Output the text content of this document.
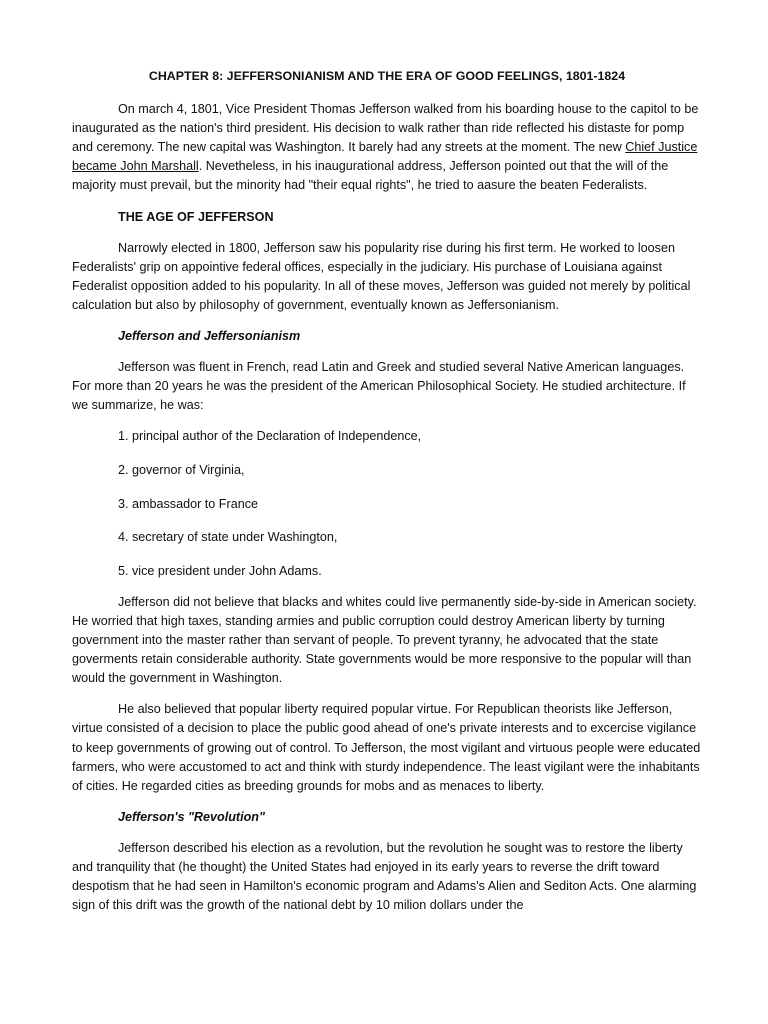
CHAPTER 8: JEFFERSONIANISM AND THE ERA OF GOOD FEELINGS, 1801-1824

On march 4, 1801, Vice President Thomas Jefferson walked from his boarding house to the capitol to be inaugurated as the nation's third president. His decision to walk rather than ride reflected his distaste for pomp and ceremony. The new capital was Washington. It barely had any streets at the moment. The new Chief Justice became John Marshall. Nevetheless, in his inaugurational address, Jefferson pointed out that the will of the majority must prevail, but the minority had "their equal rights", he tried to aasure the beaten Federalists.

THE AGE OF JEFFERSON

Narrowly elected in 1800, Jefferson saw his popularity rise during his first term. He worked to loosen Federalists' grip on appointive federal offices, especially in the judiciary. His purchase of Louisiana against Federalist opposition added to his popularity. In all of these moves, Jefferson was guided not merely by political calculation but also by philosophy of government, eventually known as Jeffersonianism.

Jefferson and Jeffersonianism

Jefferson was fluent in French, read Latin and Greek and studied several Native American languages. For more than 20 years he was the president of the American Philosophical Society. He studied architecture. If we summarize, he was:

1. principal author of the Declaration of Independence,

2. governor of Virginia,

3. ambassador to France

4. secretary of state under Washington,

5. vice president under John Adams.

Jefferson did not believe that blacks and whites could live permanently side-by-side in American society. He worried that high taxes, standing armies and public corruption could destroy American liberty by turning government into the master rather than servant of people. To prevent tyranny, he advocated that the state goverments retain considerable authority. State governments would be more responsive to the popular will than would the government in Washington.

He also believed that popular liberty required popular virtue. For Republican theorists like Jefferson, virtue consisted of a decision to place the public good ahead of one's private interests and to excercise vigilance to keep governments of growing out of control. To Jefferson, the most vigilant and virtuous people were educated farmers, who were accustomed to act and think with sturdy independence. The least vigilant were the inhabitants of cities. He regarded cities as breeding grounds for mobs and as menaces to liberty.

Jefferson's "Revolution"

Jefferson described his election as a revolution, but the revolution he sought was to restore the liberty and tranquility that (he thought) the United States had enjoyed in its early years to reverse the drift toward despotism that he had seen in Hamilton's economic program and Adams's Alien and Sediton Acts. One alarming sign of this drift was the growth of the national debt by 10 milion dollars under the
